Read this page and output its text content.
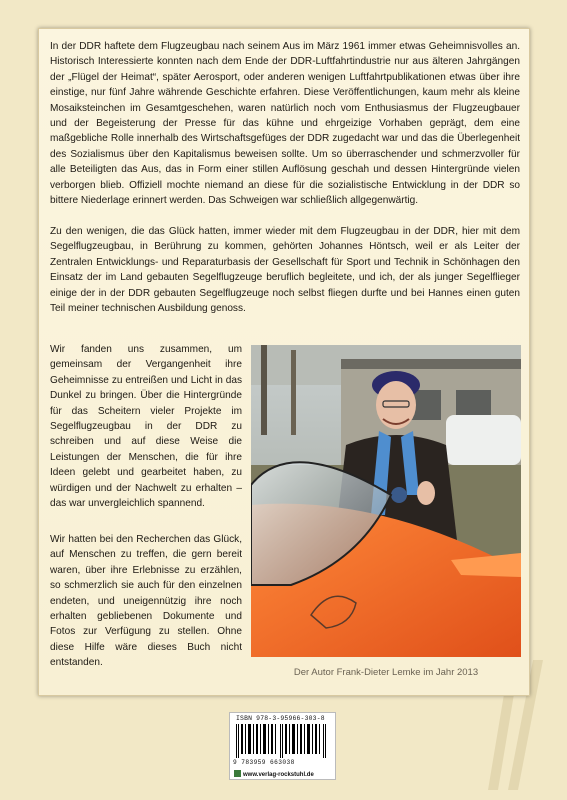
In der DDR haftete dem Flugzeugbau nach seinem Aus im März 1961 immer etwas Geheimnisvolles an. Historisch Interessierte konnten nach dem Ende der DDR-Luftfahrtindustrie nur aus älteren Jahrgängen der „Flügel der Heimat“, später Aerosport, oder anderen wenigen Luftfahrtpublikationen etwas über ihre einstige, nur fünf Jahre währende Geschichte erfahren. Diese Veröffentlichungen, kaum mehr als kleine Mosaiksteinchen im Gesamtgeschehen, waren natürlich noch vom Enthusiasmus der Flugzeugbauer und der Begeisterung der Presse für das kühne und ehrgeizige Vorhaben geprägt, dem eine maßgebliche Rolle innerhalb des Wirtschaftsgefüges der DDR zugedacht war und das die Überlegenheit des Sozialismus über den Kapitalismus beweisen sollte. Um so überraschender und schmerzvoller für alle Beteiligten das Aus, das in Form einer stillen Auflösung geschah und dessen Hintergründe vielen verborgen blieb. Offiziell mochte niemand an diese für die sozialistische Entwicklung in der DDR so bittere Niederlage erinnert werden. Das Schweigen war schließlich allgegenwärtig.

Zu den wenigen, die das Glück hatten, immer wieder mit dem Flugzeugbau in der DDR, hier mit dem Segelflugzeugbau, in Berührung zu kommen, gehörten Johannes Höntsch, weil er als Leiter der Zentralen Entwicklungs- und Reparaturbasis der Gesellschaft für Sport und Technik in Schönhagen den Einsatz der im Land gebauten Segelflugzeuge beruflich begleitete, und ich, der als junger Segelflieger einige der in der DDR gebauten Segelflugzeuge noch selbst fliegen durfte und bei Hannes einen guten Teil meiner technischen Ausbildung genoss.

Wir fanden uns zusammen, um gemeinsam der Vergangenheit ihre Geheimnisse zu entreißen und Licht in das Dunkel zu bringen. Über die Hintergründe für das Scheitern vieler Projekte im Segelflugzeugbau in der DDR zu schreiben und auf diese Weise die Leistungen der Menschen, die für ihre Ideen gelebt und gearbeitet haben, zu würdigen und der Nachwelt zu erhalten – das war unvergleichlich spannend.

Wir hatten bei den Recherchen das Glück, auf Menschen zu treffen, die gern bereit waren, über ihre Erlebnisse zu erzählen, so schmerzlich sie auch für den einzelnen endeten, und uneigennützig ihre noch erhalten gebliebenen Dokumente und Fotos zur Verfügung zu stellen. Ohne diese Hilfe wäre dieses Buch nicht entstanden.

Der Autor Frank-Dieter Lemke im Jahr 2013
ISBN 978-3-95966-303-8
9 783959 663038
www.verlag-rockstuhl.de
